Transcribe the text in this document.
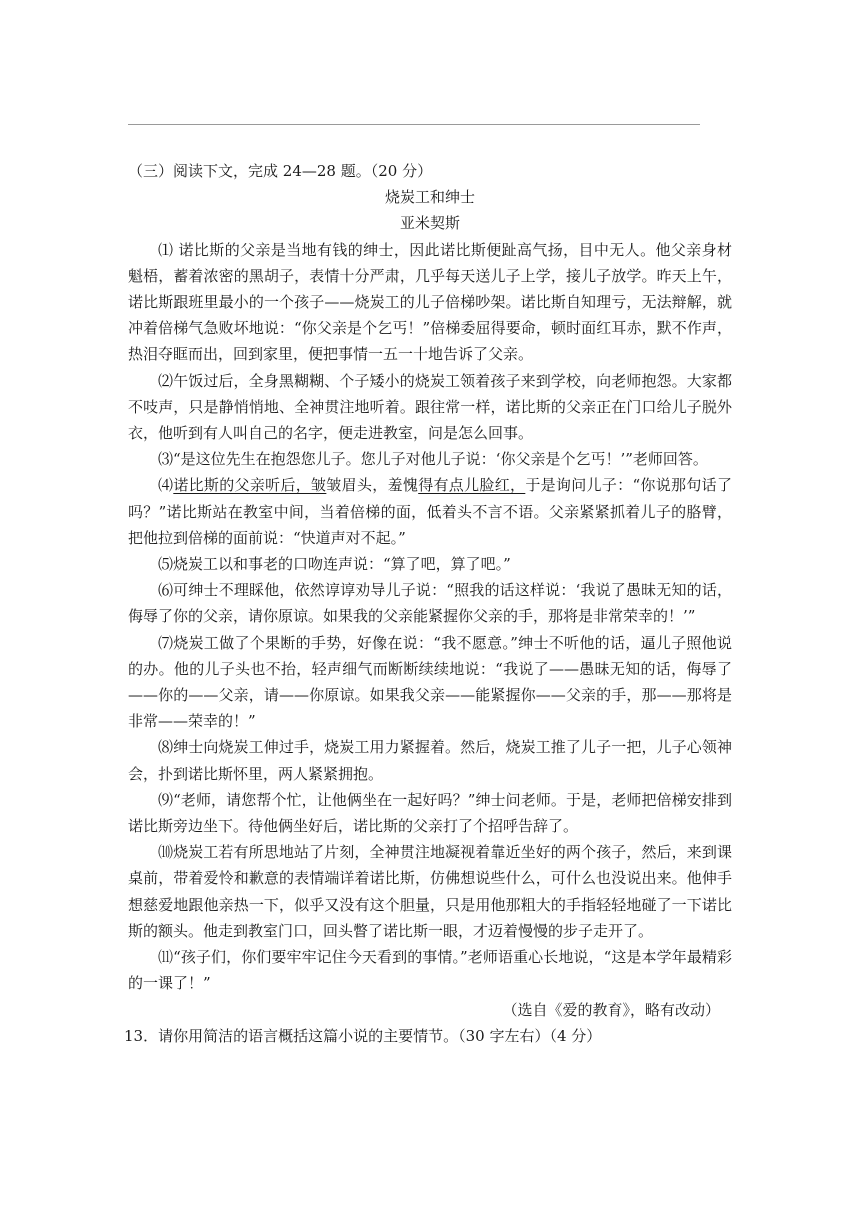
（三）阅读下文，完成 24—28 题。（20 分）

烧炭工和绅士

亚米契斯

⑴ 诺比斯的父亲是当地有钱的绅士，因此诺比斯便趾高气扬，目中无人。他父亲身材魁梧，蓄着浓密的黑胡子，表情十分严肃，几乎每天送儿子上学，接儿子放学。昨天上午，诺比斯跟班里最小的一个孩子——烧炭工的儿子倍梯吵架。诺比斯自知理亏，无法辩解，就冲着倍梯气急败坏地说：“你父亲是个乞丐！”倍梯委屈得要命，顿时面红耳赤，默不作声，热泪夺眶而出，回到家里，便把事情一五一十地告诉了父亲。

⑵午饭过后，全身黑糊糊、个子矮小的烧炭工领着孩子来到学校，向老师抱怨。大家都不吱声，只是静悄悄地、全神贯注地听着。跟往常一样，诺比斯的父亲正在门口给儿子脱外衣，他听到有人叫自己的名字，便走进教室，问是怎么回事。

⑶“是这位先生在抱怨您儿子。您儿子对他儿子说：‘你父亲是个乞丐！’”老师回答。

⑷诺比斯的父亲听后，皱皱眉头，羞愧得有点儿脸红，于是询问儿子：“你说那句话了吗？”诺比斯站在教室中间，当着倍梯的面，低着头不言不语。父亲紧紧抓着儿子的胳臂，把他拉到倍梯的面前说：“快道声对不起。”

⑸烧炭工以和事老的口吻连声说：“算了吧，算了吧。”

⑹可绅士不理睬他，依然谆谆劝导儿子说：“照我的话这样说：‘我说了愚昧无知的话，侮辱了你的父亲，请你原谅。如果我的父亲能紧握你父亲的手，那将是非常荣幸的！’”

⑺烧炭工做了个果断的手势，好像在说：“我不愿意。”绅士不听他的话，逼儿子照他说的办。他的儿子头也不抬，轻声细气而断断续续地说：“我说了——愚昧无知的话，侮辱了——你的——父亲，请——你原谅。如果我父亲——能紧握你——父亲的手，那——那将是非常——荣幸的！”

⑻绅士向烧炭工伸过手，烧炭工用力紧握着。然后，烧炭工推了儿子一把，儿子心领神会，扑到诺比斯怀里，两人紧紧拥抱。

⑼“老师，请您帮个忙，让他俩坐在一起好吗？”绅士问老师。于是，老师把倍梯安排到诺比斯旁边坐下。待他俩坐好后，诺比斯的父亲打了个招呼告辞了。

⑽烧炭工若有所思地站了片刻，全神贯注地凝视着靠近坐好的两个孩子，然后，来到课桌前，带着爱怜和歉意的表情端详着诺比斯，仿佛想说些什么，可什么也没说出来。他伸手想慈爱地跟他亲热一下，似乎又没有这个胆量，只是用他那粗大的手指轻轻地碰了一下诺比斯的额头。他走到教室门口，回头瞥了诺比斯一眼，才迈着慢慢的步子走开了。

⑾“孩子们，你们要牢牢记住今天看到的事情。”老师语重心长地说，“这是本学年最精彩的一课了！”

（选自《爱的教育》，略有改动）

13．请你用简洁的语言概括这篇小说的主要情节。（30 字左右）（4 分）
